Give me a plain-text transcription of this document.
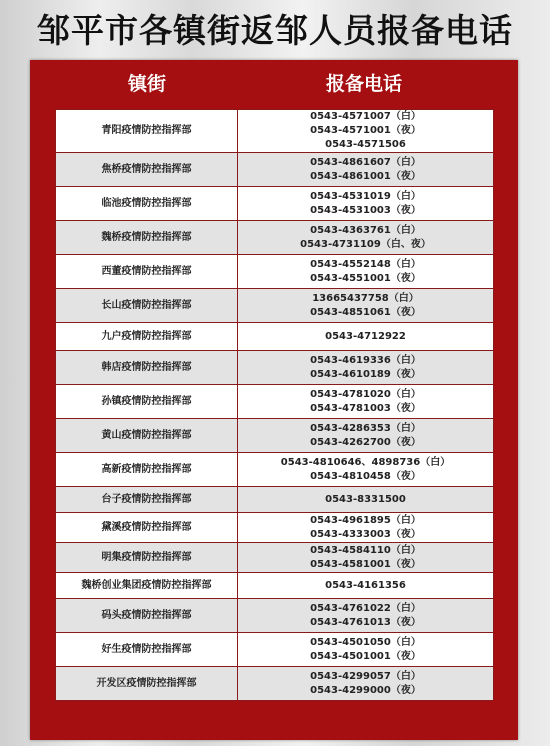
邹平市各镇街返邹人员报备电话
镇街	报备电话
青阳疫情防控指挥部	0543-4571007（白）
0543-4571001（夜）
0543-4571506

焦桥疫情防控指挥部	0543-4861607（白）
0543-4861001（夜）

临池疫情防控指挥部	0543-4531019（白）
0543-4531003（夜）

魏桥疫情防控指挥部	0543-4363761（白）
0543-4731109（白、夜）

西董疫情防控指挥部	0543-4552148（白）
0543-4551001（夜）

长山疫情防控指挥部	13665437758（白）
0543-4851061（夜）

九户疫情防控指挥部	0543-4712922

韩店疫情防控指挥部	0543-4619336（白）
0543-4610189（夜）

孙镇疫情防控指挥部	0543-4781020（白）
0543-4781003（夜）

黄山疫情防控指挥部	0543-4286353（白）
0543-4262700（夜）

高新疫情防控指挥部	0543-4810646、4898736（白）
0543-4810458（夜）

台子疫情防控指挥部	0543-8331500

黛溪疫情防控指挥部	0543-4961895（白）
0543-4333003（夜）

明集疫情防控指挥部	0543-4584110（白）
0543-4581001（夜）

魏桥创业集团疫情防控指挥部	0543-4161356

码头疫情防控指挥部	0543-4761022（白）
0543-4761013（夜）

好生疫情防控指挥部	0543-4501050（白）
0543-4501001（夜）

开发区疫情防控指挥部	0543-4299057（白）
0543-4299000（夜）
